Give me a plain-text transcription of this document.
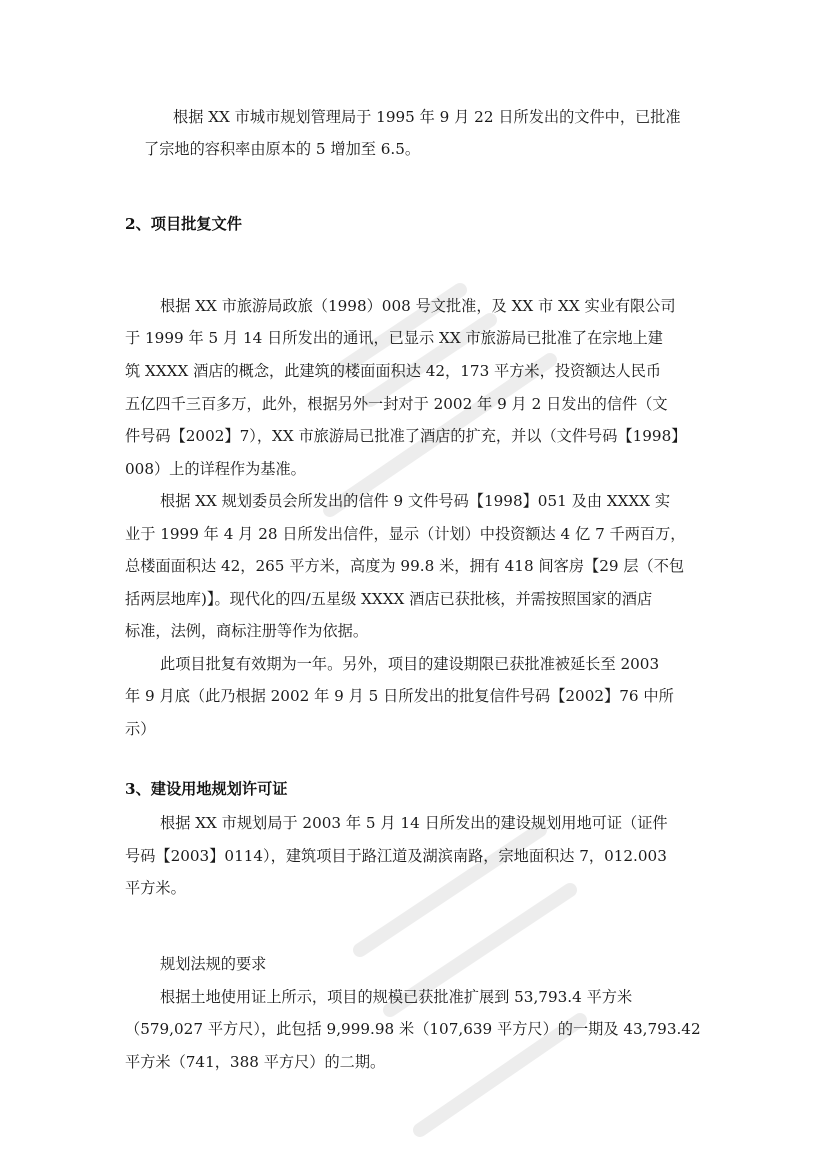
根据 XX 市城市规划管理局于 1995 年 9 月 22 日所发出的文件中，已批准
了宗地的容积率由原本的 5 增加至 6.5。
2、项目批复文件
根据 XX 市旅游局政旅（1998）008 号文批准，及 XX 市 XX 实业有限公司
于 1999 年 5 月 14 日所发出的通讯，已显示 XX 市旅游局已批准了在宗地上建
筑 XXXX 酒店的概念，此建筑的楼面面积达 42，173 平方米，投资额达人民币
五亿四千三百多万，此外，根据另外一封对于 2002 年 9 月 2 日发出的信件（文
件号码【2002】7），XX 市旅游局已批准了酒店的扩充，并以（文件号码【1998】
008）上的详程作为基准。
根据 XX 规划委员会所发出的信件 9 文件号码【1998】051 及由 XXXX 实
业于 1999 年 4 月 28 日所发出信件，显示（计划）中投资额达 4 亿 7 千两百万，
总楼面面积达 42，265 平方米，高度为 99.8 米，拥有 418 间客房【29 层（不包
括两层地库)】。现代化的四/五星级 XXXX 酒店已获批核，并需按照国家的酒店
标准，法例，商标注册等作为依据。
此项目批复有效期为一年。另外，项目的建设期限已获批准被延长至 2003
年 9 月底（此乃根据 2002 年 9 月 5 日所发出的批复信件号码【2002】76 中所
示）
3、建设用地规划许可证
根据 XX 市规划局于 2003 年 5 月 14 日所发出的建设规划用地可证（证件
号码【2003】0114），建筑项目于路江道及湖滨南路，宗地面积达 7，012.003
平方米。
规划法规的要求
根据土地使用证上所示，项目的规模已获批准扩展到 53,793.4 平方米
（579,027 平方尺），此包括 9,999.98 米（107,639 平方尺）的一期及 43,793.42
平方米（741，388 平方尺）的二期。
